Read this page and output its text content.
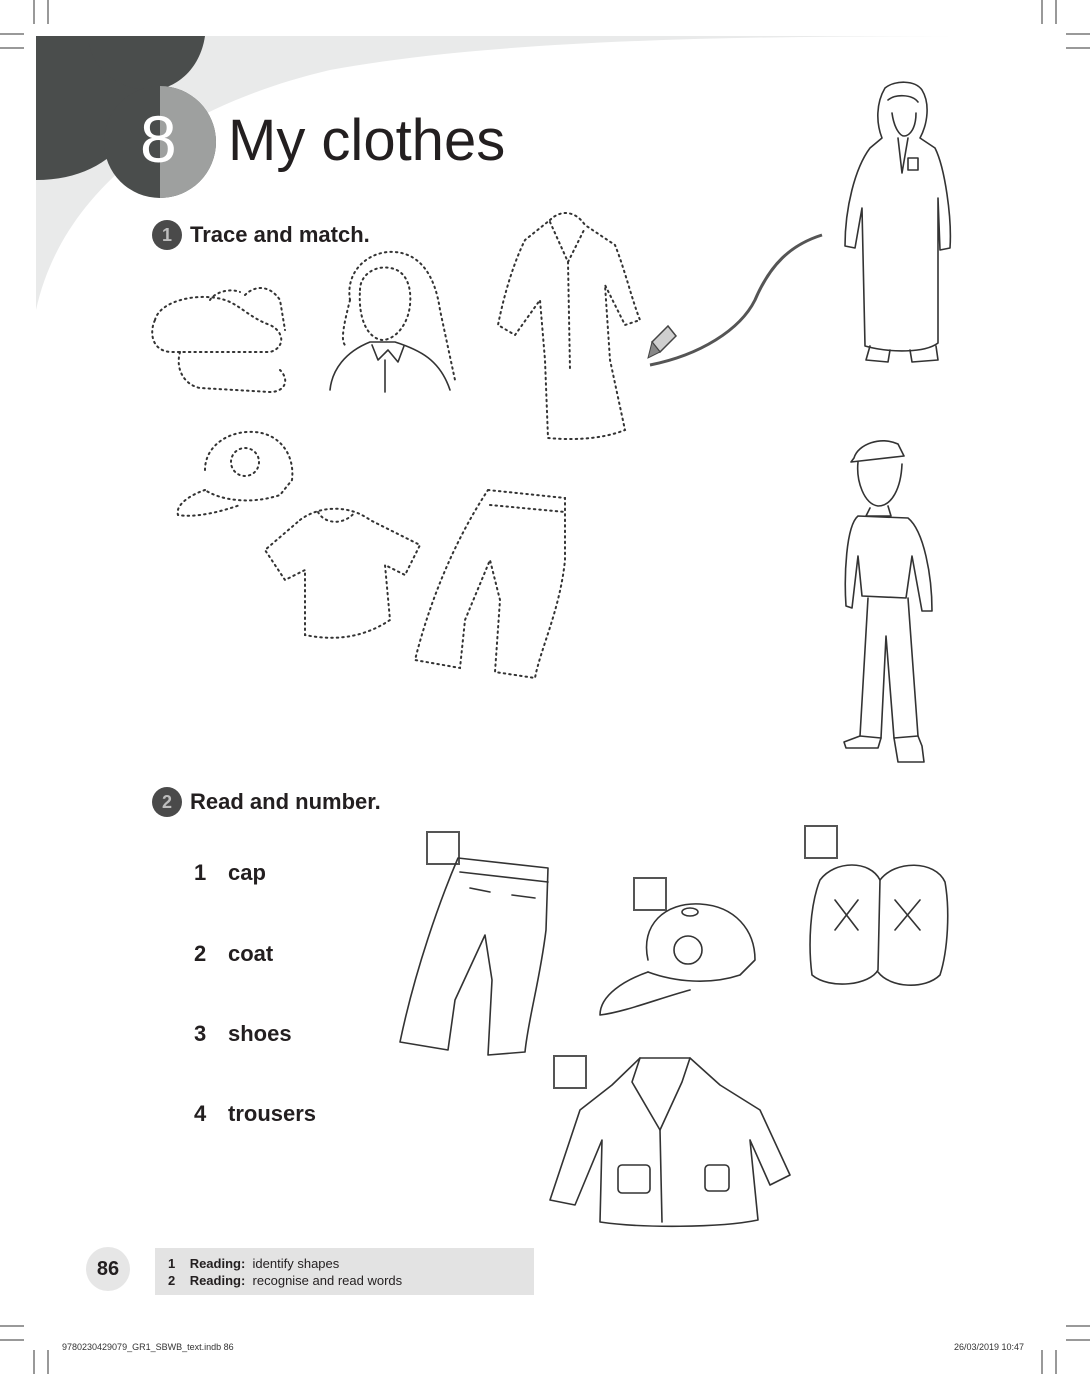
8 My clothes
1 Trace and match.
2 Read and number.
1 cap
2 coat
3 shoes
4 trousers
86	1 Reading: identify shapes
2 Reading: recognise and read words
9780230429079_GR1_SBWB_text.indb 86	26/03/2019 10:47
